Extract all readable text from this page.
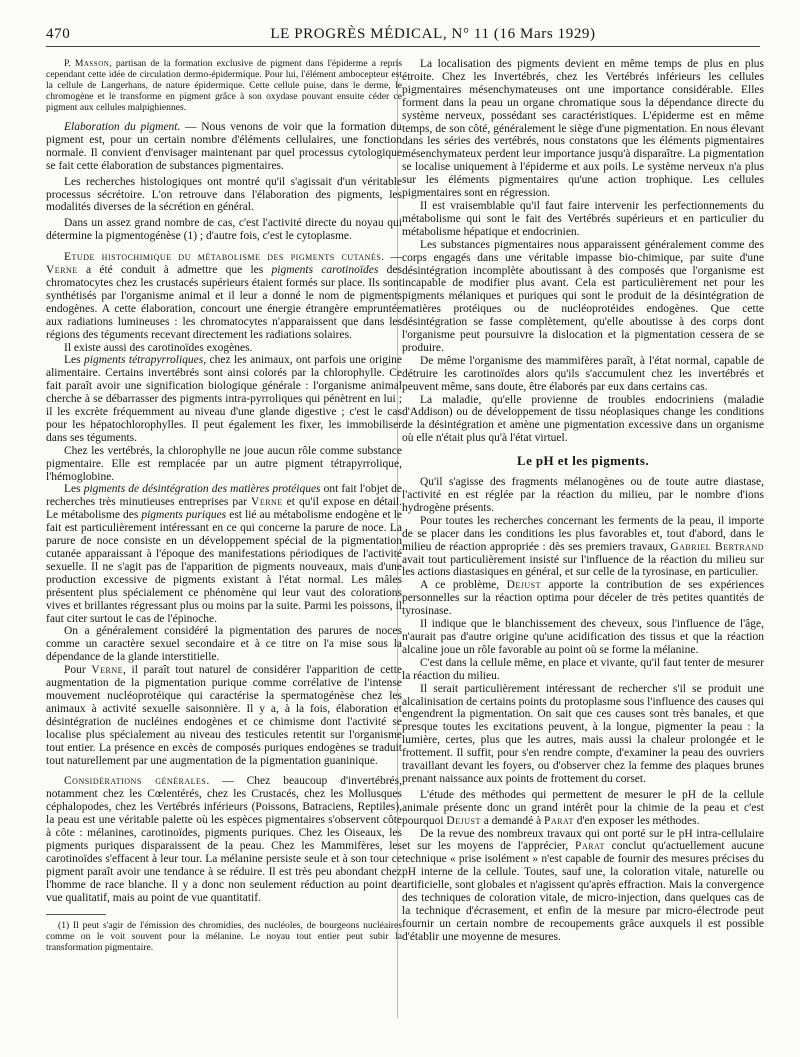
470	LE PROGRÈS MÉDICAL, N° 11 (16 Mars 1929)

P. Masson, partisan de la formation exclusive de pigment dans l'épiderme a repris cependant cette idée de circulation dermo-épidermique. Pour lui, l'élément ambocepteur est la cellule de Langerhans, de nature épidermique. Cette cellule puise, dans le derme, le chromogène et le transforme en pigment grâce à son oxydase pouvant ensuite céder ce pigment aux cellules malpighiennes.

Elaboration du pigment. — Nous venons de voir que la formation du pigment est, pour un certain nombre d'éléments cellulaires, une fonction normale. Il convient d'envisager maintenant par quel processus cytologique se fait cette élaboration de substances pigmentaires.

Les recherches histologiques ont montré qu'il s'agissait d'un véritable processus sécrétoire. L'on retrouve dans l'élaboration des pigments, les modalités diverses de la sécrétion en général.

Dans un assez grand nombre de cas, c'est l'activité directe du noyau qui détermine la pigmentogénèse (1) ; d'autre fois, c'est le cytoplasme.

Etude histochimique du métabolisme des pigments cutanés. — Verne a été conduit à admettre que les pigments carotinoïdes des chromatocytes chez les crustacés supérieurs étaient formés sur place. Ils sont synthétisés par l'organisme animal et il leur a donné le nom de pigments endogènes. A cette élaboration, concourt une énergie étrangère empruntée aux radiations lumineuses : les chromatocytes n'apparaissent que dans les régions des téguments recevant directement les radiations solaires.

Il existe aussi des carotinoïdes exogènes.

Les pigments tétrapyrroliques, chez les animaux, ont parfois une origine alimentaire. Certains invertébrés sont ainsi colorés par la chlorophylle. Ce fait paraît avoir une signification biologique générale : l'organisme animal cherche à se débarrasser des pigments intra-pyrroliques qui pénètrent en lui ; il les excrète fréquemment au niveau d'une glande digestive ; c'est le cas pour les hépatochlorophylles. Il peut également les fixer, les immobiliser dans ses téguments.

Chez les vertébrés, la chlorophylle ne joue aucun rôle comme substance pigmentaire. Elle est remplacée par un autre pigment tétrapyrrolique, l'hémoglobine.

Les pigments de désintégration des matières protéiques ont fait l'objet de recherches très minutieuses entreprises par Verne et qu'il expose en détail. Le métabolisme des pigments puriques est lié au métabolisme endogène et le fait est particulièrement intéressant en ce qui concerne la parure de noce. La parure de noce consiste en un développement spécial de la pigmentation cutanée apparaissant à l'époque des manifestations périodiques de l'activité sexuelle. Il ne s'agit pas de l'apparition de pigments nouveaux, mais d'une production excessive de pigments existant à l'état normal. Les mâles présentent plus spécialement ce phénomène qui leur vaut des colorations vives et brillantes régressant plus ou moins par la suite. Parmi les poissons, il faut citer surtout le cas de l'épinoche.

On a généralement considéré la pigmentation des parures de noces comme un caractère sexuel secondaire et à ce titre on l'a mise sous la dépendance de la glande interstitielle.

Pour Verne, il paraît tout naturel de considérer l'apparition de cette augmentation de la pigmentation purique comme corrélative de l'intense mouvement nucléoprotéique qui caractérise la spermatogénèse chez les animaux à activité sexuelle saisonnière. Il y a, à la fois, élaboration et désintégration de nucléines endogènes et ce chimisme dont l'activité se localise plus spécialement au niveau des testicules retentit sur l'organisme tout entier. La présence en excès de composés puriques endogènes se traduit tout naturellement par une augmentation de la pigmentation guaninique.

Considérations générales. — Chez beaucoup d'invertébrés, notamment chez les Cœlentérés, chez les Crustacés, chez les Mollusques céphalopodes, chez les Vertébrés inférieurs (Poissons, Batraciens, Reptiles), la peau est une véritable palette où les espèces pigmentaires s'observent côte à côte : mélanines, carotinoïdes, pigments puriques. Chez les Oiseaux, les pigments puriques disparaissent de la peau. Chez les Mammifères, les carotinoïdes s'effacent à leur tour. La mélanine persiste seule et à son tour ce pigment paraît avoir une tendance à se réduire. Il est très peu abondant chez l'homme de race blanche. Il y a donc non seulement réduction au point de vue qualitatif, mais au point de vue quantitatif.

(1) Il peut s'agir de l'émission des chromidies, des nucléoles, de bourgeons nucléaires comme on le voit souvent pour la mélanine. Le noyau tout entier peut subir la transformation pigmentaire.

La localisation des pigments devient en même temps de plus en plus étroite. Chez les Invertébrés, chez les Vertébrés inférieurs les cellules pigmentaires mésenchymateuses ont une importance considérable. Elles forment dans la peau un organe chromatique sous la dépendance directe du système nerveux, possédant ses caractéristiques. L'épiderme est en même temps, de son côté, généralement le siège d'une pigmentation. En nous élevant dans les séries des vertébrés, nous constatons que les éléments pigmentaires mésenchymateux perdent leur importance jusqu'à disparaître. La pigmentation se localise uniquement à l'épiderme et aux poils. Le système nerveux n'a plus sur les éléments pigmentaires qu'une action trophique. Les cellules pigmentaires sont en régression.

Il est vraisemblable qu'il faut faire intervenir les perfectionnements du métabolisme qui sont le fait des Vertébrés supérieurs et en particulier du métabolisme hépatique et endocrinien.

Les substances pigmentaires nous apparaissent généralement comme des corps engagés dans une véritable impasse bio-chimique, par suite d'une désintégration incomplète aboutissant à des composés que l'organisme est incapable de modifier plus avant. Cela est particulièrement net pour les pigments mélaniques et puriques qui sont le produit de la désintégration de matières protéiques ou de nucléoprotéides endogènes. Que cette désintégration se fasse complètement, qu'elle aboutisse à des corps dont l'organisme peut poursuivre la dislocation et la pigmentation cessera de se produire.

De même l'organisme des mammifères paraît, à l'état normal, capable de détruire les carotinoïdes alors qu'ils s'accumulent chez les invertébrés et peuvent même, sans doute, être élaborés par eux dans certains cas.

La maladie, qu'elle provienne de troubles endocriniens (maladie d'Addison) ou de développement de tissu néoplasiques change les conditions de la désintégration et amène une pigmentation excessive dans un organisme où elle n'était plus qu'à l'état virtuel.

Le pH et les pigments.

Qu'il s'agisse des fragments mélanogènes ou de toute autre diastase, l'activité en est réglée par la réaction du milieu, par le nombre d'ions hydrogène présents.

Pour toutes les recherches concernant les ferments de la peau, il importe de se placer dans les conditions les plus favorables et, tout d'abord, dans le milieu de réaction appropriée : dès ses premiers travaux, Gabriel Bertrand avait tout particulièrement insisté sur l'influence de la réaction du milieu sur les actions diastasiques en général, et sur celle de la tyrosinase, en particulier.

A ce problème, Dejust apporte la contribution de ses expériences personnelles sur la réaction optima pour déceler de très petites quantités de tyrosinase.

Il indique que le blanchissement des cheveux, sous l'influence de l'âge, n'aurait pas d'autre origine qu'une acidification des tissus et que la réaction alcaline joue un rôle favorable au point où se forme la mélanine.

C'est dans la cellule même, en place et vivante, qu'il faut tenter de mesurer la réaction du milieu.

Il serait particulièrement intéressant de rechercher s'il se produit une alcalinisation de certains points du protoplasme sous l'influence des causes qui engendrent la pigmentation. On sait que ces causes sont très banales, et que presque toutes les excitations peuvent, à la longue, pigmenter la peau : la lumière, certes, plus que les autres, mais aussi la chaleur prolongée et le frottement. Il suffit, pour s'en rendre compte, d'examiner la peau des ouvriers travaillant devant les foyers, ou d'observer chez la femme des plaques brunes prenant naissance aux points de frottement du corset.

L'étude des méthodes qui permettent de mesurer le pH de la cellule animale présente donc un grand intérêt pour la chimie de la peau et c'est pourquoi Dejust a demandé à Parat d'en exposer les méthodes.

De la revue des nombreux travaux qui ont porté sur le pH intra-cellulaire et sur les moyens de l'apprécier, Parat conclut qu'actuellement aucune technique « prise isolément » n'est capable de fournir des mesures précises du pH interne de la cellule. Toutes, sauf une, la coloration vitale, naturelle ou artificielle, sont globales et n'agissent qu'après effraction. Mais la convergence des techniques de coloration vitale, de micro-injection, dans quelques cas de la technique d'écrasement, et enfin de la mesure par micro-électrode peut fournir un certain nombre de recoupements grâce auxquels il est possible d'établir une moyenne de mesures.
